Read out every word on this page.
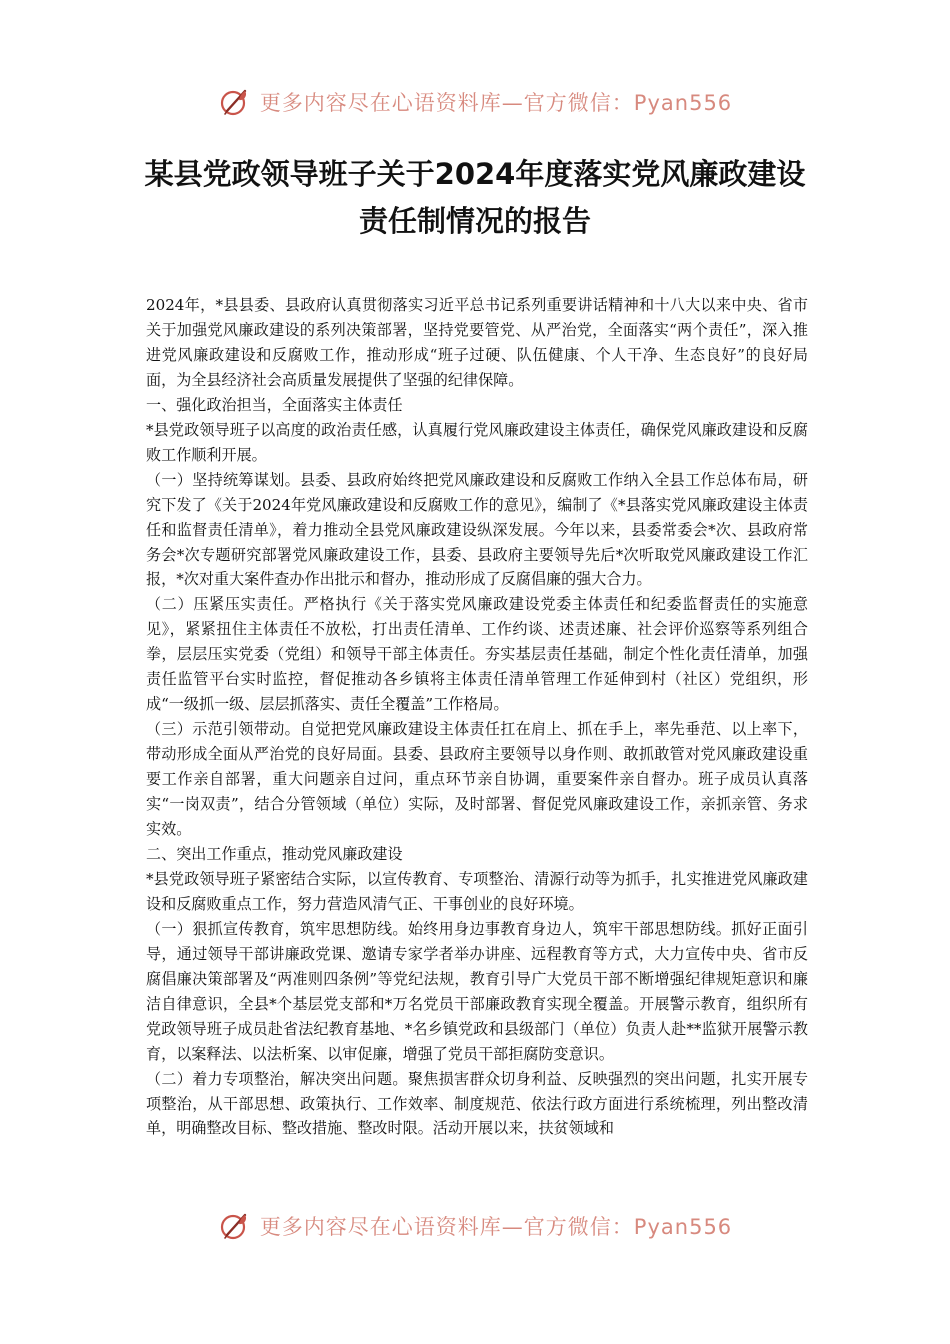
更多内容尽在心语资料库—官方微信：Pyan556
某县党政领导班子关于2024年度落实党风廉政建设
责任制情况的报告

2024年，*县县委、县政府认真贯彻落实习近平总书记系列重要讲话精神和十八大以来中央、省市关于加强党风廉政建设的系列决策部署，坚持党要管党、从严治党，全面落实“两个责任”，深入推进党风廉政建设和反腐败工作，推动形成“班子过硬、队伍健康、个人干净、生态良好”的良好局面，为全县经济社会高质量发展提供了坚强的纪律保障。

一、强化政治担当，全面落实主体责任

*县党政领导班子以高度的政治责任感，认真履行党风廉政建设主体责任，确保党风廉政建设和反腐败工作顺利开展。

（一）坚持统筹谋划。县委、县政府始终把党风廉政建设和反腐败工作纳入全县工作总体布局，研究下发了《关于2024年党风廉政建设和反腐败工作的意见》，编制了《*县落实党风廉政建设主体责任和监督责任清单》，着力推动全县党风廉政建设纵深发展。今年以来，县委常委会*次、县政府常务会*次专题研究部署党风廉政建设工作，县委、县政府主要领导先后*次听取党风廉政建设工作汇报，*次对重大案件查办作出批示和督办，推动形成了反腐倡廉的强大合力。

（二）压紧压实责任。严格执行《关于落实党风廉政建设党委主体责任和纪委监督责任的实施意见》，紧紧扭住主体责任不放松，打出责任清单、工作约谈、述责述廉、社会评价巡察等系列组合拳，层层压实党委（党组）和领导干部主体责任。夯实基层责任基础，制定个性化责任清单，加强责任监管平台实时监控，督促推动各乡镇将主体责任清单管理工作延伸到村（社区）党组织，形成“一级抓一级、层层抓落实、责任全覆盖”工作格局。

（三）示范引领带动。自觉把党风廉政建设主体责任扛在肩上、抓在手上，率先垂范、以上率下，带动形成全面从严治党的良好局面。县委、县政府主要领导以身作则、敢抓敢管对党风廉政建设重要工作亲自部署，重大问题亲自过问，重点环节亲自协调，重要案件亲自督办。班子成员认真落实“一岗双责”，结合分管领域（单位）实际，及时部署、督促党风廉政建设工作，亲抓亲管、务求实效。

二、突出工作重点，推动党风廉政建设

*县党政领导班子紧密结合实际，以宣传教育、专项整治、清源行动等为抓手，扎实推进党风廉政建设和反腐败重点工作，努力营造风清气正、干事创业的良好环境。

（一）狠抓宣传教育，筑牢思想防线。始终用身边事教育身边人，筑牢干部思想防线。抓好正面引导，通过领导干部讲廉政党课、邀请专家学者举办讲座、远程教育等方式，大力宣传中央、省市反腐倡廉决策部署及“两准则四条例”等党纪法规，教育引导广大党员干部不断增强纪律规矩意识和廉洁自律意识，全县*个基层党支部和*万名党员干部廉政教育实现全覆盖。开展警示教育，组织所有党政领导班子成员赴省法纪教育基地、*名乡镇党政和县级部门（单位）负责人赴**监狱开展警示教育，以案释法、以法析案、以审促廉，增强了党员干部拒腐防变意识。

（二）着力专项整治，解决突出问题。聚焦损害群众切身利益、反映强烈的突出问题，扎实开展专项整治，从干部思想、政策执行、工作效率、制度规范、依法行政方面进行系统梳理，列出整改清单，明确整改目标、整改措施、整改时限。活动开展以来，扶贫领域和

更多内容尽在心语资料库—官方微信：Pyan556
